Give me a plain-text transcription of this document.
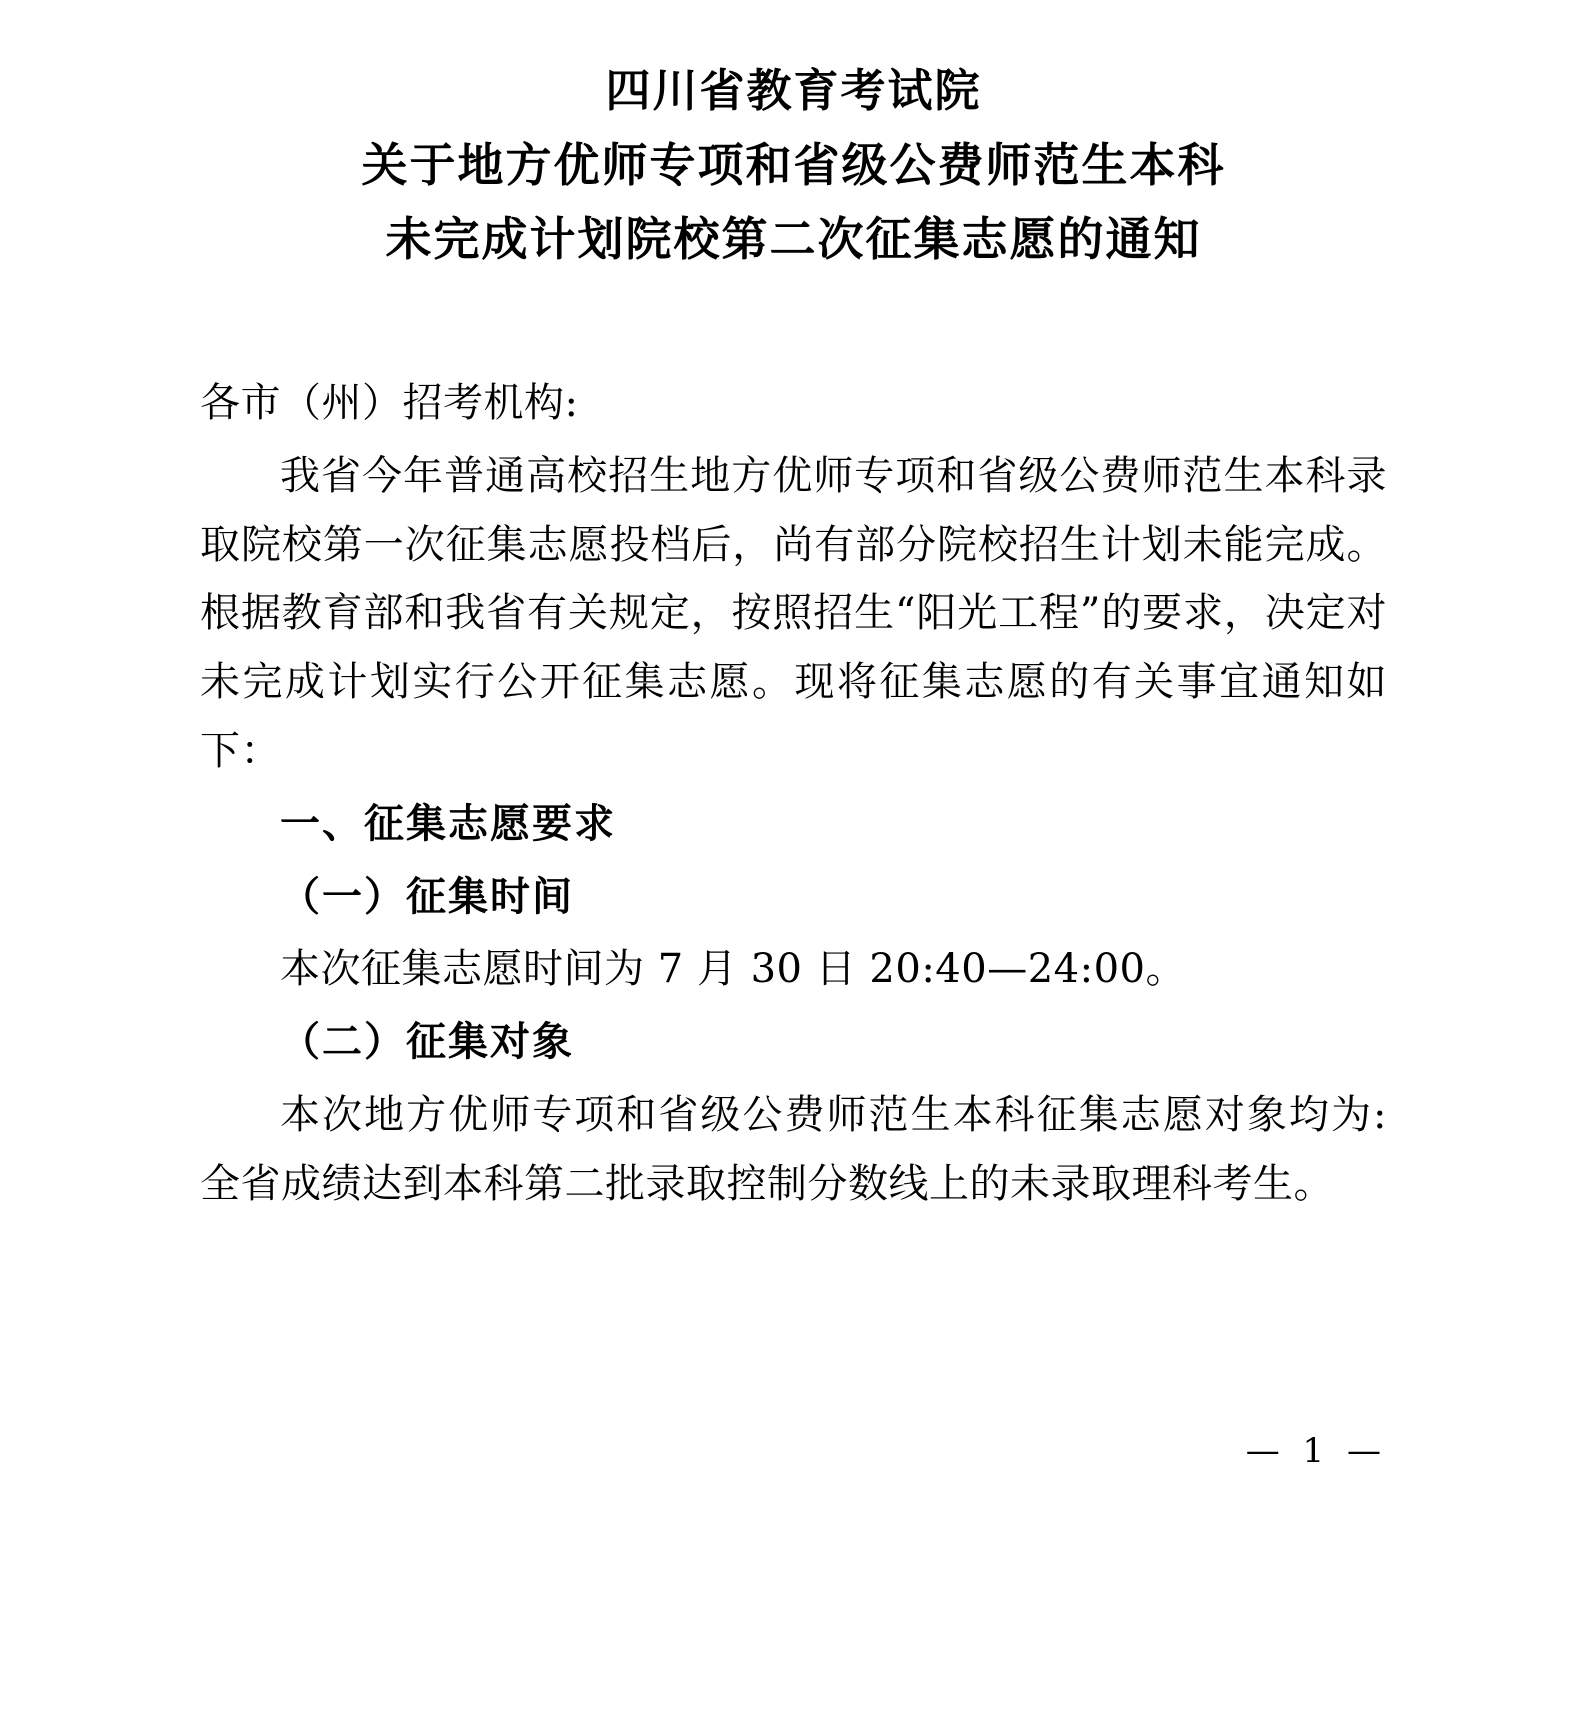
四川省教育考试院
关于地方优师专项和省级公费师范生本科
未完成计划院校第二次征集志愿的通知

各市（州）招考机构:

我省今年普通高校招生地方优师专项和省级公费师范生本科录取院校第一次征集志愿投档后，尚有部分院校招生计划未能完成。根据教育部和我省有关规定，按照招生“阳光工程”的要求，决定对未完成计划实行公开征集志愿。现将征集志愿的有关事宜通知如下：

一、征集志愿要求

（一）征集时间

本次征集志愿时间为 7 月 30 日 20:40—24:00。

（二）征集对象

本次地方优师专项和省级公费师范生本科征集志愿对象均为: 全省成绩达到本科第二批录取控制分数线上的未录取理科考生。

— 1 —
